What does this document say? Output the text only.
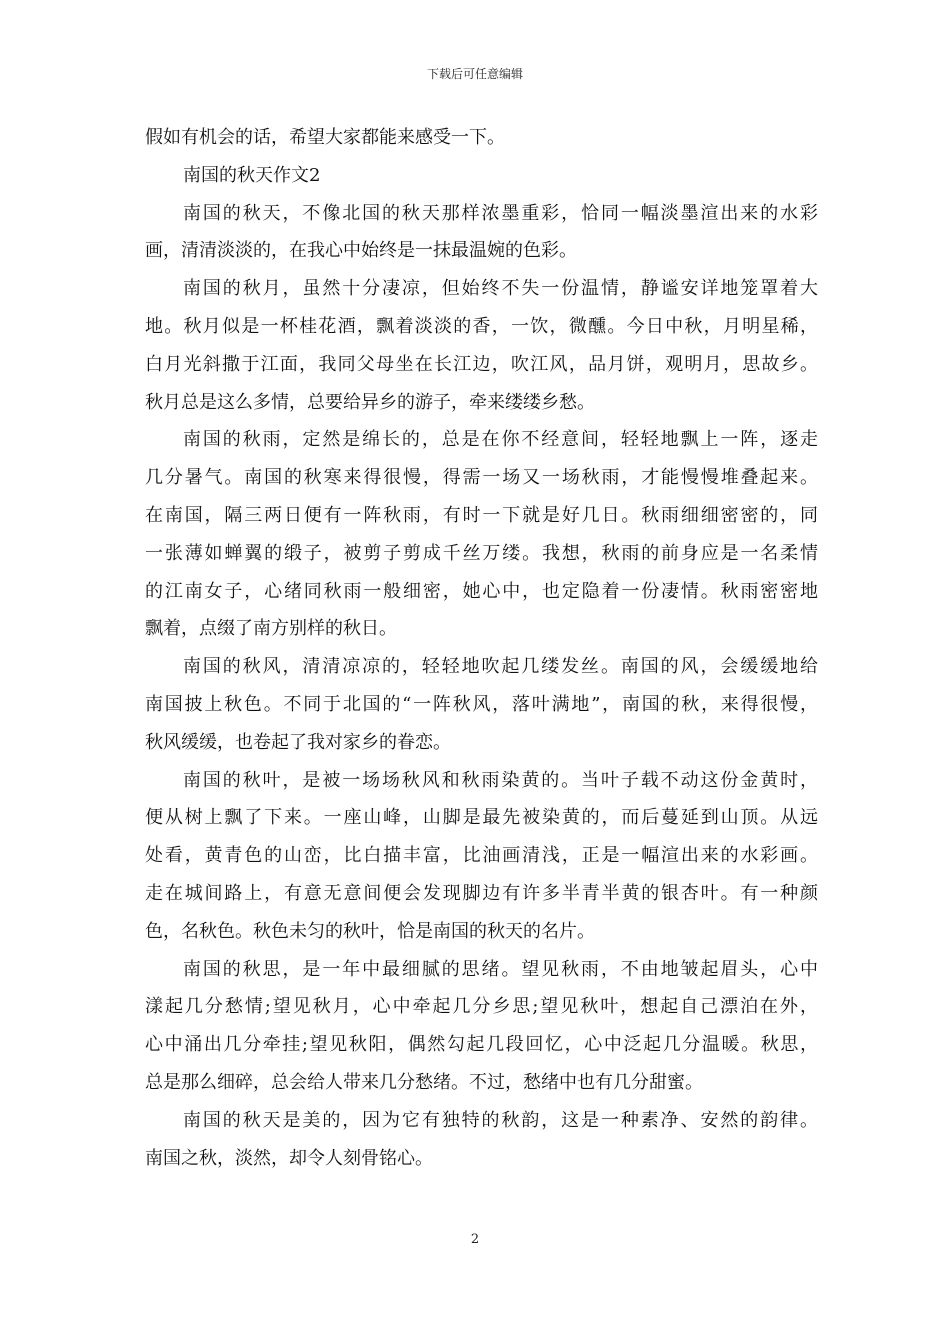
下载后可任意编辑
假如有机会的话，希望大家都能来感受一下。
南国的秋天作文2
南国的秋天，不像北国的秋天那样浓墨重彩，恰同一幅淡墨渲出来的水彩
画，清清淡淡的，在我心中始终是一抹最温婉的色彩。
南国的秋月，虽然十分凄凉，但始终不失一份温情，静谧安详地笼罩着大
地。秋月似是一杯桂花酒，飘着淡淡的香，一饮，微醺。今日中秋，月明星稀，
白月光斜撒于江面，我同父母坐在长江边，吹江风，品月饼，观明月，思故乡。
秋月总是这么多情，总要给异乡的游子，牵来缕缕乡愁。
南国的秋雨，定然是绵长的，总是在你不经意间，轻轻地飘上一阵，逐走
几分暑气。南国的秋寒来得很慢，得需一场又一场秋雨，才能慢慢堆叠起来。
在南国，隔三两日便有一阵秋雨，有时一下就是好几日。秋雨细细密密的，同
一张薄如蝉翼的缎子，被剪子剪成千丝万缕。我想，秋雨的前身应是一名柔情
的江南女子，心绪同秋雨一般细密，她心中，也定隐着一份凄情。秋雨密密地
飘着，点缀了南方别样的秋日。
南国的秋风，清清凉凉的，轻轻地吹起几缕发丝。南国的风，会缓缓地给
南国披上秋色。不同于北国的“一阵秋风，落叶满地”，南国的秋，来得很慢，
秋风缓缓，也卷起了我对家乡的眷恋。
南国的秋叶，是被一场场秋风和秋雨染黄的。当叶子载不动这份金黄时，
便从树上飘了下来。一座山峰，山脚是最先被染黄的，而后蔓延到山顶。从远
处看，黄青色的山峦，比白描丰富，比油画清浅，正是一幅渲出来的水彩画。
走在城间路上，有意无意间便会发现脚边有许多半青半黄的银杏叶。有一种颜
色，名秋色。秋色未匀的秋叶，恰是南国的秋天的名片。
南国的秋思，是一年中最细腻的思绪。望见秋雨，不由地皱起眉头，心中
漾起几分愁情;望见秋月，心中牵起几分乡思;望见秋叶，想起自己漂泊在外，
心中涌出几分牵挂;望见秋阳，偶然勾起几段回忆，心中泛起几分温暖。秋思，
总是那么细碎，总会给人带来几分愁绪。不过，愁绪中也有几分甜蜜。
南国的秋天是美的，因为它有独特的秋韵，这是一种素净、安然的韵律。
南国之秋，淡然，却令人刻骨铭心。
2
